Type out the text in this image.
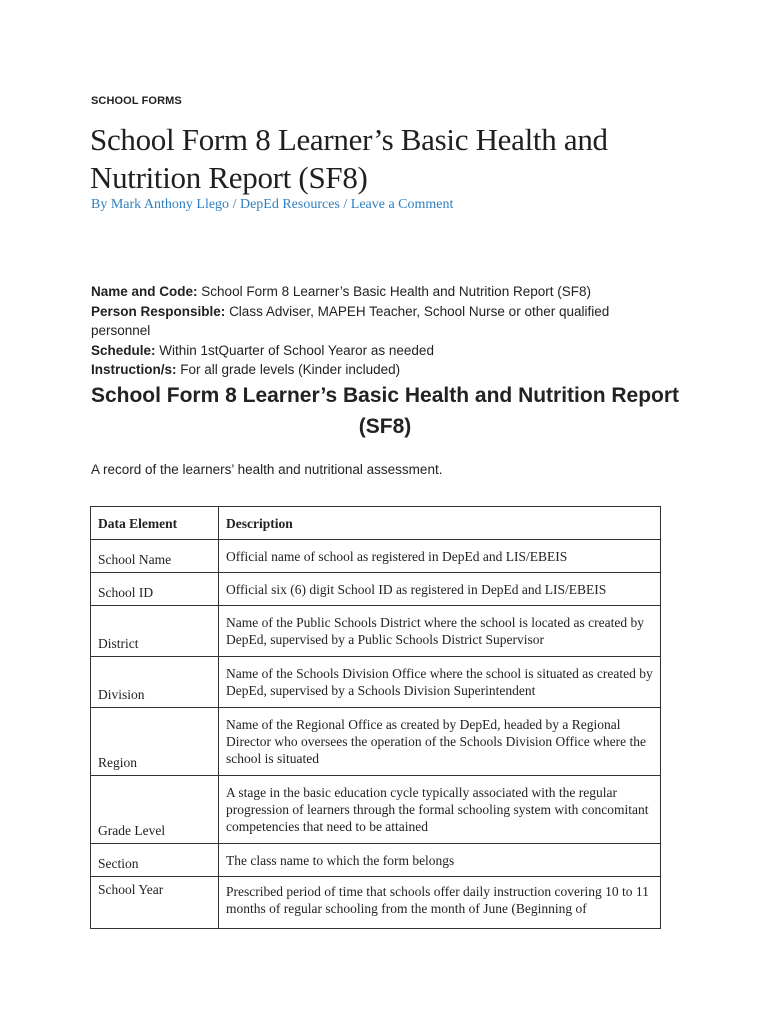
SCHOOL FORMS
School Form 8 Learner’s Basic Health and Nutrition Report (SF8)
By Mark Anthony Llego / DepEd Resources / Leave a Comment

Name and Code: School Form 8 Learner’s Basic Health and Nutrition Report (SF8)

Person Responsible: Class Adviser, MAPEH Teacher, School Nurse or other qualified personnel

Schedule: Within 1stQuarter of School Yearor as needed

Instruction/s: For all grade levels (Kinder included)

School Form 8 Learner’s Basic Health and Nutrition Report (SF8)
A record of the learners’ health and nutritional assessment.
Data Element	Description
School Name	Official name of school as registered in DepEd and LIS/EBEIS
School ID	Official six (6) digit School ID as registered in DepEd and LIS/EBEIS
District	Name of the Public Schools District where the school is located as created by DepEd, supervised by a Public Schools District Supervisor
Division	Name of the Schools Division Office where the school is situated as created by DepEd, supervised by a Schools Division Superintendent
Region	Name of the Regional Office as created by DepEd, headed by a Regional Director who oversees the operation of the Schools Division Office where the school is situated
Grade Level	A stage in the basic education cycle typically associated with the regular progression of learners through the formal schooling system with concomitant competencies that need to be attained
Section	The class name to which the form belongs
School Year	Prescribed period of time that schools offer daily instruction covering 10 to 11 months of regular schooling from the month of June (Beginning of
